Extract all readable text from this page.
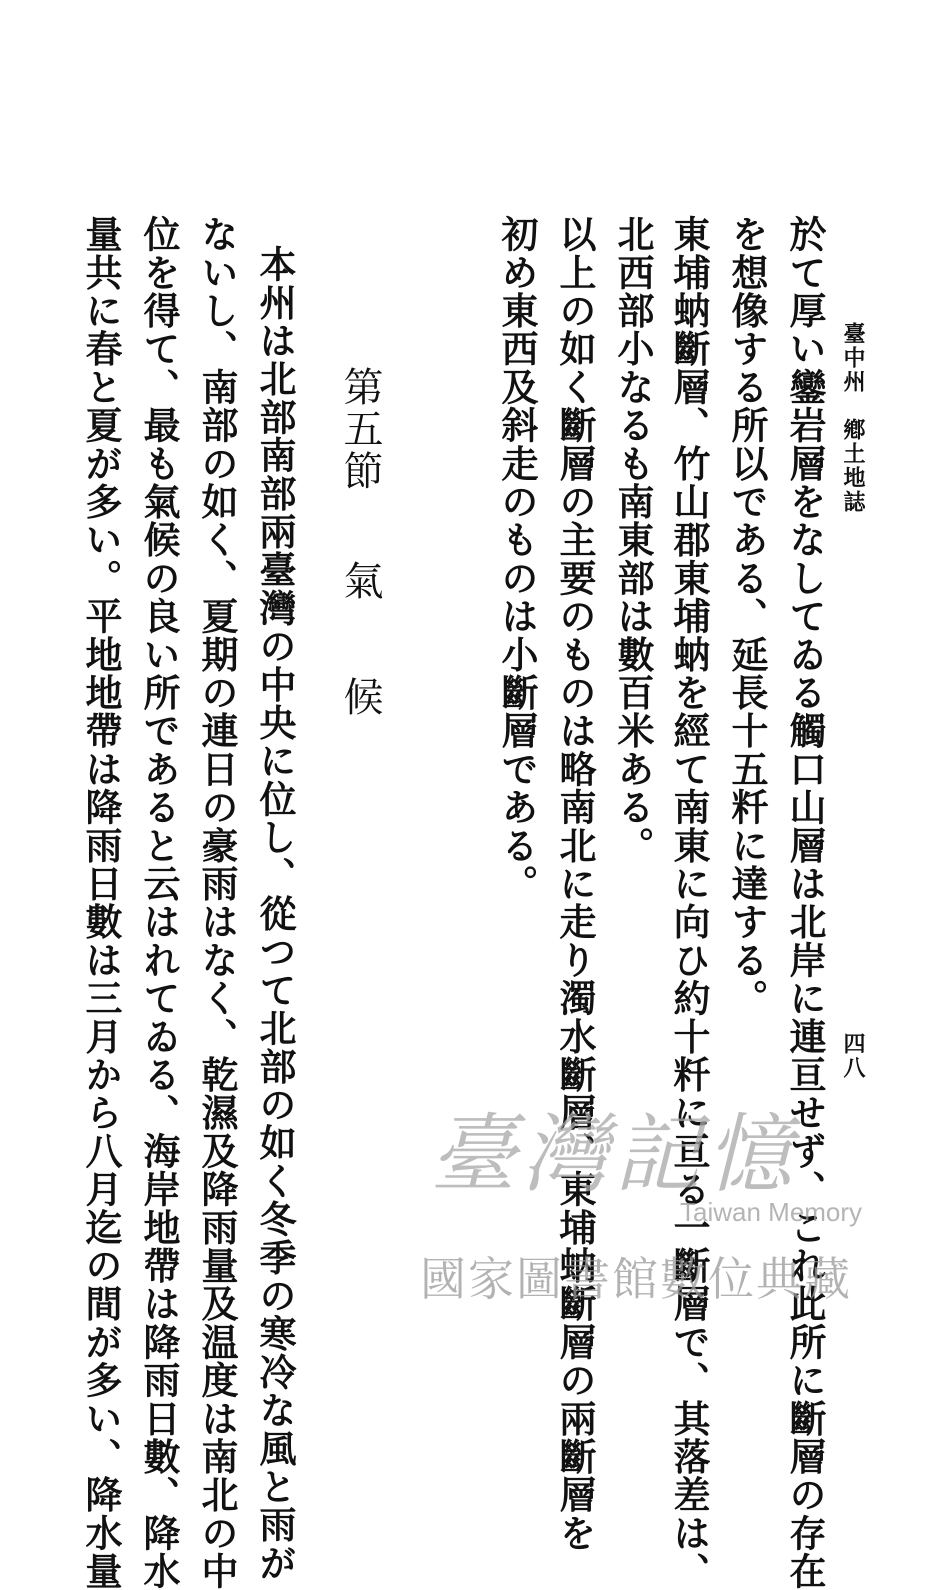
臺中州　鄕土地誌
四八
於て厚い鑾岩層をなしてゐる觸口山層は北岸に連亘せず、これ此所に斷層の存在
を想像する所以である、延長十五粁に達する。
東埔蚋斷層、竹山郡東埔蚋を經て南東に向ひ約十粁に亘る一斷層で、其落差は、
北西部小なるも南東部は數百米ある。
以上の如く斷層の主要のものは略南北に走り濁水斷層、東埔蚋斷層の兩斷層を
初め東西及斜走のものは小斷層である。
第五節
氣
候
本州は北部南部兩臺灣の中央に位し、從つて北部の如く冬季の寒冷な風と雨が
ないし、南部の如く、夏期の連日の豪雨はなく、乾濕及降雨量及温度は南北の中
位を得て、最も氣候の良い所であると云はれてゐる、海岸地帶は降雨日數、降水
量共に春と夏が多い。平地地帶は降雨日數は三月から八月迄の間が多い、降水量	臺灣記憶
Taiwan Memory
國家圖書館數位典藏
